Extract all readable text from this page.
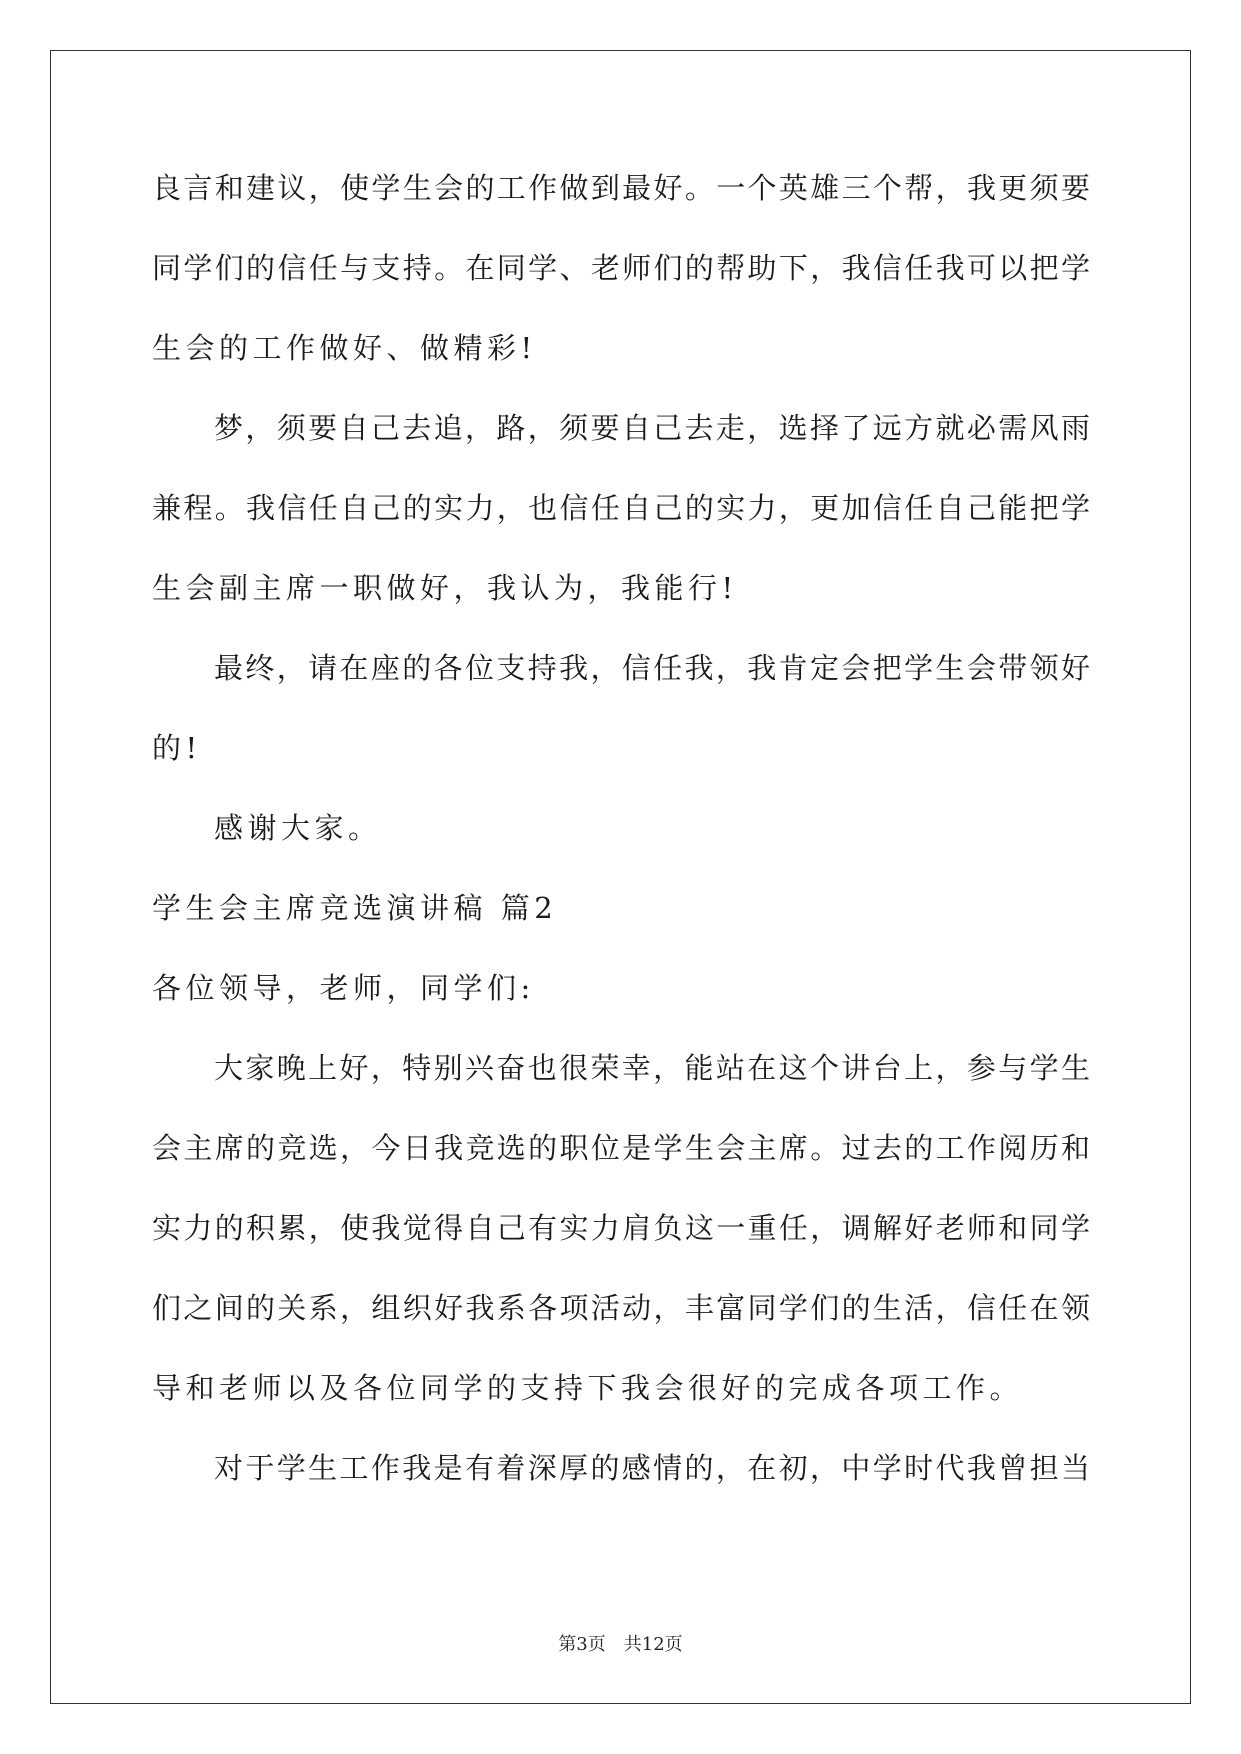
良言和建议，使学生会的工作做到最好。一个英雄三个帮，我更须要
同学们的信任与支持。在同学、老师们的帮助下，我信任我可以把学
生会的工作做好、做精彩!
梦，须要自己去追，路，须要自己去走，选择了远方就必需风雨
兼程。我信任自己的实力，也信任自己的实力，更加信任自己能把学
生会副主席一职做好，我认为，我能行!
最终，请在座的各位支持我，信任我，我肯定会把学生会带领好
的!
感谢大家。
学生会主席竞选演讲稿 篇2
各位领导，老师，同学们:
大家晚上好，特别兴奋也很荣幸，能站在这个讲台上，参与学生
会主席的竞选，今日我竞选的职位是学生会主席。过去的工作阅历和
实力的积累，使我觉得自己有实力肩负这一重任，调解好老师和同学
们之间的关系，组织好我系各项活动，丰富同学们的生活，信任在领
导和老师以及各位同学的支持下我会很好的完成各项工作。
对于学生工作我是有着深厚的感情的，在初，中学时代我曾担当
第3页　共12页
